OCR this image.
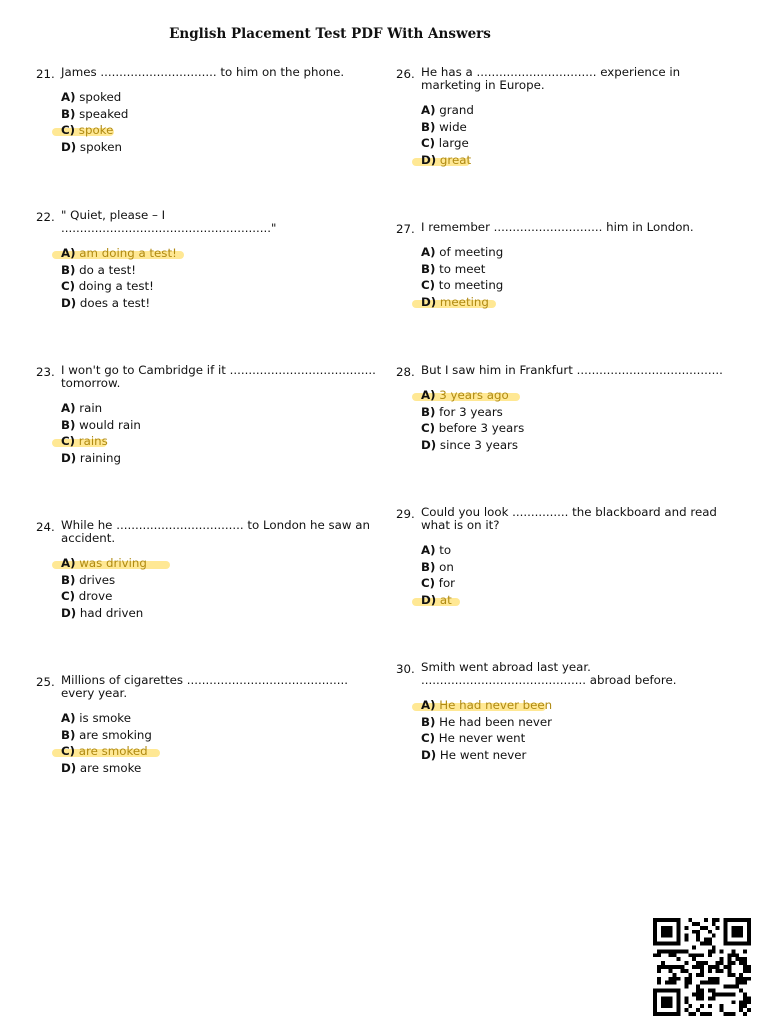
English Placement Test PDF With Answers
21. James ............................... to him on the phone.
A) spoked
B) speaked
C) spoke
D) spoken
22. " Quiet, please – I
........................................................"
A) am doing a test!
B) do a test!
C) doing a test!
D) does a test!
23. I won't go to Cambridge if it .......................................
tomorrow.
A) rain
B) would rain
C) rains
D) raining
24. While he .................................. to London he saw an
accident.
A) was driving
B) drives
C) drove
D) had driven
25. Millions of cigarettes ...........................................
every year.
A) is smoke
B) are smoking
C) are smoked
D) are smoke
26. He has a ................................ experience in
marketing in Europe.
A) grand
B) wide
C) large
D) great
27. I remember ............................. him in London.
A) of meeting
B) to meet
C) to meeting
D) meeting
28. But I saw him in Frankfurt .......................................
A) 3 years ago
B) for 3 years
C) before 3 years
D) since 3 years
29. Could you look ............... the blackboard and read
what is on it?
A) to
B) on
C) for
D) at
30. Smith went abroad last year.
............................................ abroad before.
A) He had never been
B) He had been never
C) He never went
D) He went never
